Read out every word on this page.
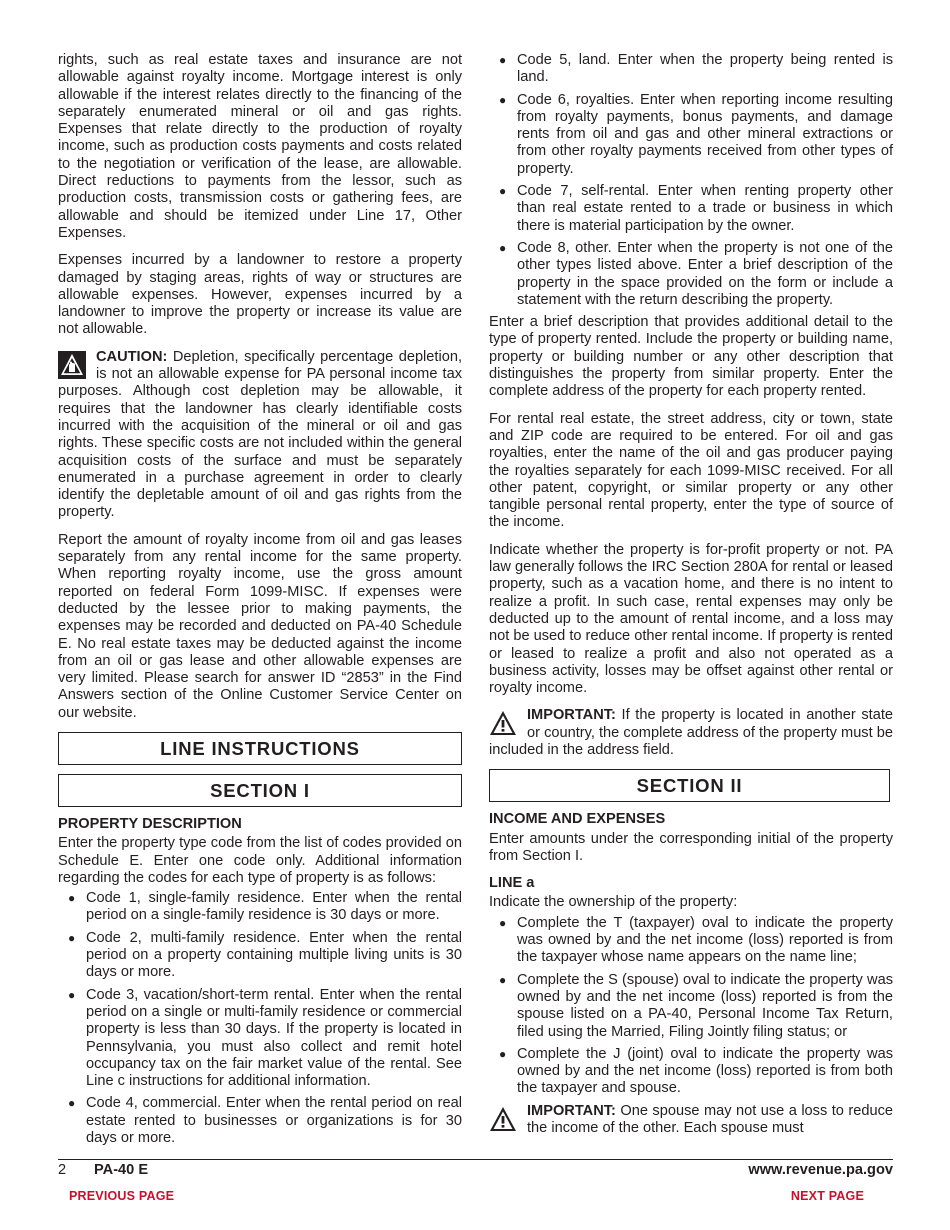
rights, such as real estate taxes and insurance are not allowable against royalty income. Mortgage interest is only allowable if the interest relates directly to the financing of the separately enumerated mineral or oil and gas rights. Expenses that relate directly to the production of royalty income, such as production costs payments and costs related to the negotiation or verification of the lease, are allowable. Direct reductions to payments from the lessor, such as production costs, transmission costs or gathering fees, are allowable and should be itemized under Line 17, Other Expenses.

Expenses incurred by a landowner to restore a property damaged by staging areas, rights of way or structures are allowable expenses. However, expenses incurred by a landowner to improve the property or increase its value are not allowable.

CAUTION: Depletion, specifically percentage depletion, is not an allowable expense for PA personal income tax purposes. Although cost depletion may be allowable, it requires that the landowner has clearly identifiable costs incurred with the acquisition of the mineral or oil and gas rights. These specific costs are not included within the general acquisition costs of the surface and must be separately enumerated in a purchase agreement in order to clearly identify the depletable amount of oil and gas rights from the property.

Report the amount of royalty income from oil and gas leases separately from any rental income for the same property. When reporting royalty income, use the gross amount reported on federal Form 1099-MISC. If expenses were deducted by the lessee prior to making payments, the expenses may be recorded and deducted on PA-40 Schedule E. No real estate taxes may be deducted against the income from an oil or gas lease and other allowable expenses are very limited. Please search for answer ID “2853” in the Find Answers section of the Online Customer Service Center on our website.

LINE INSTRUCTIONS
SECTION I
PROPERTY DESCRIPTION

Enter the property type code from the list of codes provided on Schedule E. Enter one code only. Additional information regarding the codes for each type of property is as follows:

● Code 1, single-family residence. Enter when the rental period on a single-family residence is 30 days or more.
● Code 2, multi-family residence. Enter when the rental period on a property containing multiple living units is 30 days or more.
● Code 3, vacation/short-term rental. Enter when the rental period on a single or multi-family residence or commercial property is less than 30 days. If the property is located in Pennsylvania, you must also collect and remit hotel occupancy tax on the fair market value of the rental. See Line c instructions for additional information.
● Code 4, commercial. Enter when the rental period on real estate rented to businesses or organizations is for 30 days or more.
● Code 5, land. Enter when the property being rented is land.
● Code 6, royalties. Enter when reporting income resulting from royalty payments, bonus payments, and damage rents from oil and gas and other mineral extractions or from other royalty payments received from other types of property.
● Code 7, self-rental. Enter when renting property other than real estate rented to a trade or business in which there is material participation by the owner.
● Code 8, other. Enter when the property is not one of the other types listed above. Enter a brief description of the property in the space provided on the form or include a statement with the return describing the property.

Enter a brief description that provides additional detail to the type of property rented. Include the property or building name, property or building number or any other description that distinguishes the property from similar property. Enter the complete address of the property for each property rented.

For rental real estate, the street address, city or town, state and ZIP code are required to be entered. For oil and gas royalties, enter the name of the oil and gas producer paying the royalties separately for each 1099-MISC received. For all other patent, copyright, or similar property or any other tangible personal rental property, enter the type of source of the income.

Indicate whether the property is for-profit property or not. PA law generally follows the IRC Section 280A for rental or leased property, such as a vacation home, and there is no intent to realize a profit. In such case, rental expenses may only be deducted up to the amount of rental income, and a loss may not be used to reduce other rental income. If property is rented or leased to realize a profit and also not operated as a business activity, losses may be offset against other rental or royalty income.

IMPORTANT: If the property is located in another state or country, the complete address of the property must be included in the address field.
SECTION II
INCOME AND EXPENSES

Enter amounts under the corresponding initial of the property from Section I.

LINE a

Indicate the ownership of the property:

● Complete the T (taxpayer) oval to indicate the property was owned by and the net income (loss) reported is from the taxpayer whose name appears on the name line;
● Complete the S (spouse) oval to indicate the property was owned by and the net income (loss) reported is from the spouse listed on a PA-40, Personal Income Tax Return, filed using the Married, Filing Jointly filing status; or
● Complete the J (joint) oval to indicate the property was owned by and the net income (loss) reported is from both the taxpayer and spouse.
IMPORTANT: One spouse may not use a loss to reduce the income of the other. Each spouse must
2 PA-40 E	www.revenue.pa.gov
PREVIOUS PAGE	NEXT PAGE
